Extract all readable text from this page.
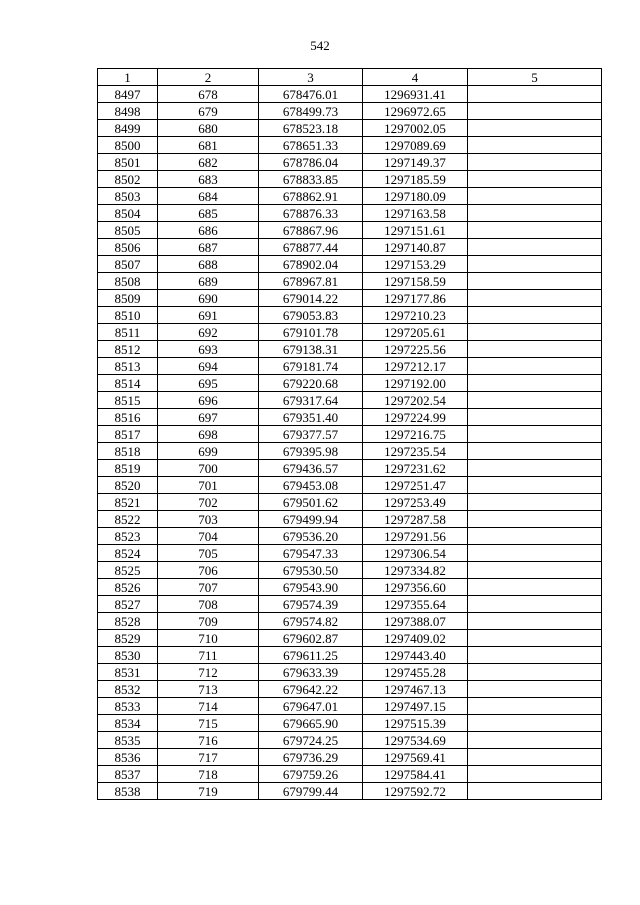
542
1	2	3	4	5
8497	678	678476.01	1296931.41	
8498	679	678499.73	1296972.65	
8499	680	678523.18	1297002.05	
8500	681	678651.33	1297089.69	
8501	682	678786.04	1297149.37	
8502	683	678833.85	1297185.59	
8503	684	678862.91	1297180.09	
8504	685	678876.33	1297163.58	
8505	686	678867.96	1297151.61	
8506	687	678877.44	1297140.87	
8507	688	678902.04	1297153.29	
8508	689	678967.81	1297158.59	
8509	690	679014.22	1297177.86	
8510	691	679053.83	1297210.23	
8511	692	679101.78	1297205.61	
8512	693	679138.31	1297225.56	
8513	694	679181.74	1297212.17	
8514	695	679220.68	1297192.00	
8515	696	679317.64	1297202.54	
8516	697	679351.40	1297224.99	
8517	698	679377.57	1297216.75	
8518	699	679395.98	1297235.54	
8519	700	679436.57	1297231.62	
8520	701	679453.08	1297251.47	
8521	702	679501.62	1297253.49	
8522	703	679499.94	1297287.58	
8523	704	679536.20	1297291.56	
8524	705	679547.33	1297306.54	
8525	706	679530.50	1297334.82	
8526	707	679543.90	1297356.60	
8527	708	679574.39	1297355.64	
8528	709	679574.82	1297388.07	
8529	710	679602.87	1297409.02	
8530	711	679611.25	1297443.40	
8531	712	679633.39	1297455.28	
8532	713	679642.22	1297467.13	
8533	714	679647.01	1297497.15	
8534	715	679665.90	1297515.39	
8535	716	679724.25	1297534.69	
8536	717	679736.29	1297569.41	
8537	718	679759.26	1297584.41	
8538	719	679799.44	1297592.72	
